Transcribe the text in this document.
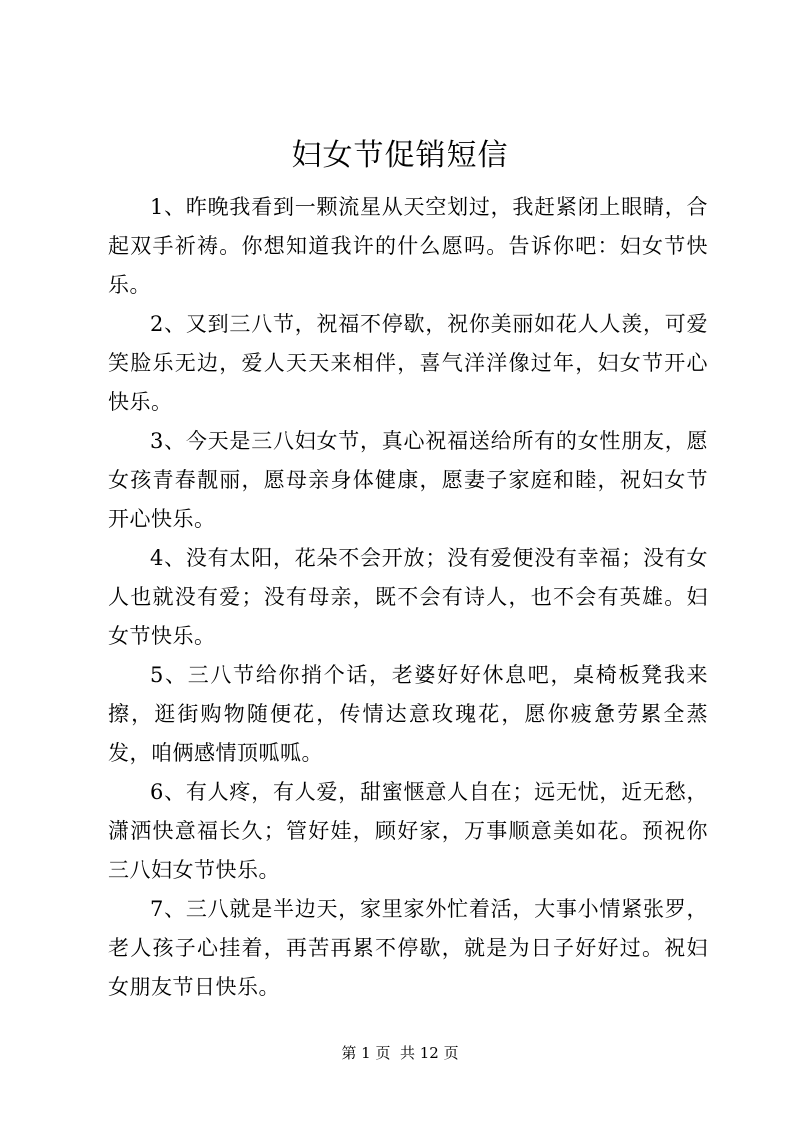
妇女节促销短信

1、昨晚我看到一颗流星从天空划过，我赶紧闭上眼睛，合起双手祈祷。你想知道我许的什么愿吗。告诉你吧：妇女节快乐。

2、又到三八节，祝福不停歇，祝你美丽如花人人羡，可爱笑脸乐无边，爱人天天来相伴，喜气洋洋像过年，妇女节开心快乐。

3、今天是三八妇女节，真心祝福送给所有的女性朋友，愿女孩青春靓丽，愿母亲身体健康，愿妻子家庭和睦，祝妇女节开心快乐。

4、没有太阳，花朵不会开放；没有爱便没有幸福；没有女人也就没有爱；没有母亲，既不会有诗人，也不会有英雄。妇女节快乐。

5、三八节给你捎个话，老婆好好休息吧，桌椅板凳我来擦，逛街购物随便花，传情达意玫瑰花，愿你疲惫劳累全蒸发，咱俩感情顶呱呱。

6、有人疼，有人爱，甜蜜惬意人自在；远无忧，近无愁，潇洒快意福长久；管好娃，顾好家，万事顺意美如花。预祝你三八妇女节快乐。

7、三八就是半边天，家里家外忙着活，大事小情紧张罗，老人孩子心挂着，再苦再累不停歇，就是为日子好好过。祝妇女朋友节日快乐。

第 1 页  共 12 页
